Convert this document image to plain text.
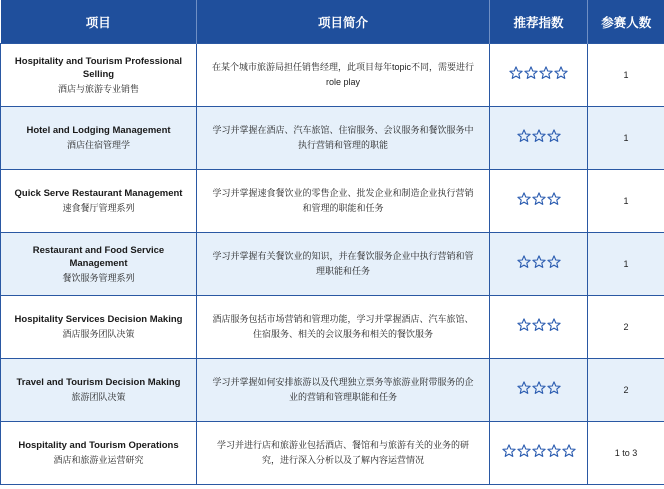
项目	项目简介	推荐指数	参赛人数

Hospitality and Tourism Professional Selling
酒店与旅游专业销售	在某个城市旅游局担任销售经理，此项目每年topic不同，需要进行role play		1

Hotel and Lodging Management
酒店住宿管理学	学习并掌握在酒店、汽车旅馆、住宿服务、会议服务和餐饮服务中执行营销和管理的职能		1

Quick Serve Restaurant Management
速食餐厅管理系列	学习并掌握速食餐饮业的零售企业、批发企业和制造企业执行营销和管理的职能和任务		1

Restaurant and Food Service Management
餐饮服务管理系列	学习并掌握有关餐饮业的知识，并在餐饮服务企业中执行营销和管理职能和任务		1

Hospitality Services Decision Making
酒店服务团队决策	酒店服务包括市场营销和管理功能，学习并掌握酒店、汽车旅馆、住宿服务、相关的会议服务和相关的餐饮服务		2

Travel and Tourism Decision Making
旅游团队决策	学习并掌握如何安排旅游以及代理独立票务等旅游业附带服务的企业的营销和管理职能和任务		2

Hospitality and Tourism Operations
酒店和旅游业运营研究	学习并进行店和旅游业包括酒店、餐馆和与旅游有关的业务的研究，进行深入分析以及了解内容运营情况		1 to 3
